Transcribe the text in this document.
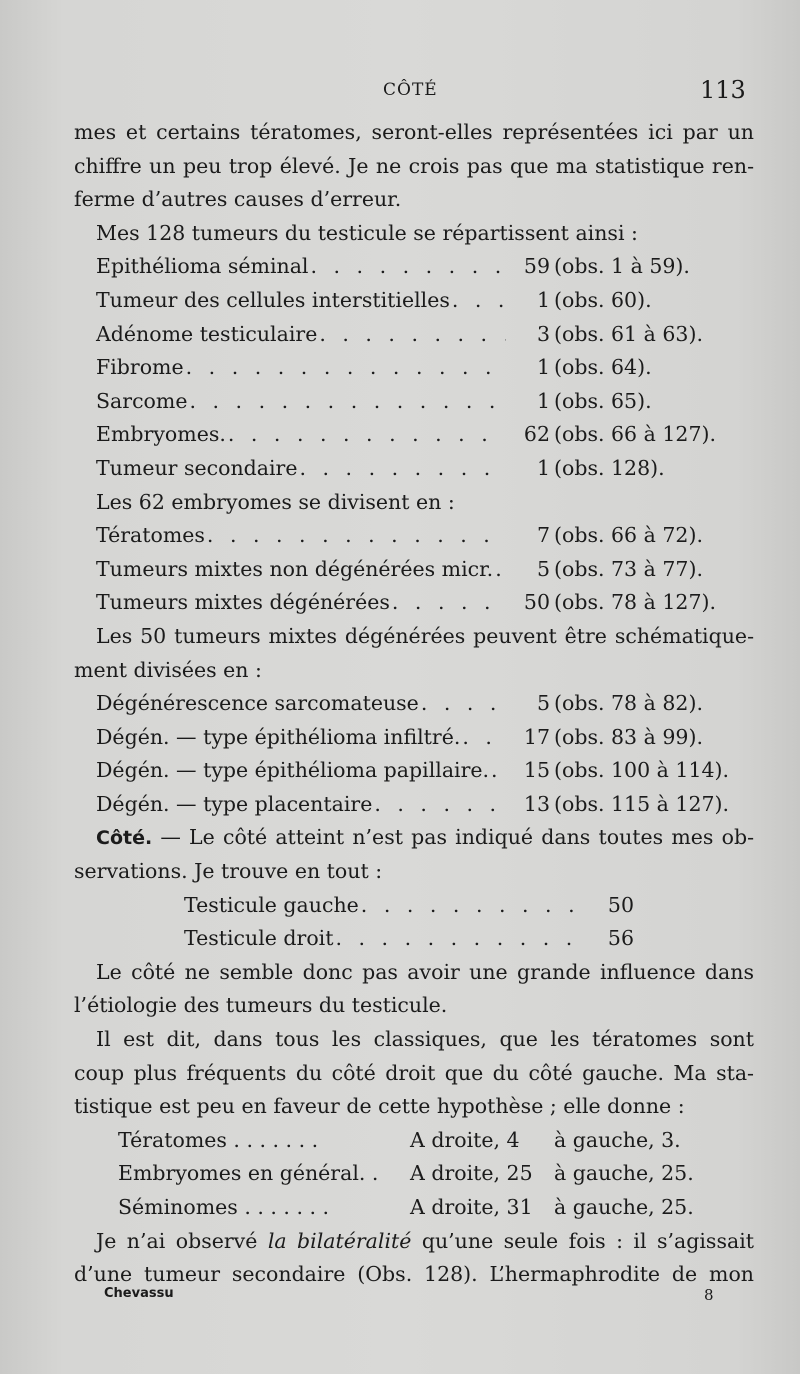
CÔTÉ	113
mes et certains tératomes, seront-elles représentées ici par un
chiffre un peu trop élevé. Je ne crois pas que ma statistique ren-
ferme d’autres causes d’erreur.
Mes 128 tumeurs du testicule se répartissent ainsi :
Epithélioma séminal . . .	59 (obs. 1 à 59).
Tumeur des cellules interstitielles . . .	1 (obs. 60).
Adénome testiculaire . . .	3 (obs. 61 à 63).
Fibrome . . .	1 (obs. 64).
Sarcome . . .	1 (obs. 65).
Embryomes. . . .	62 (obs. 66 à 127).
Tumeur secondaire . . .	1 (obs. 128).
Les 62 embryomes se divisent en :
Tératomes . . .	7 (obs. 66 à 72).
Tumeurs mixtes non dégénérées micr. . . .	5 (obs. 73 à 77).
Tumeurs mixtes dégénérées . . .	50 (obs. 78 à 127).
Les 50 tumeurs mixtes dégénérées peuvent être schématique-
ment divisées en :
Dégénérescence sarcomateuse . . .	5 (obs. 78 à 82).
Dégén. — type épithélioma infiltré. . . .	17 (obs. 83 à 99).
Dégén. — type épithélioma papillaire. . . .	15 (obs. 100 à 114).
Dégén. — type placentaire . . .	13 (obs. 115 à 127).
Côté. — Le côté atteint n’est pas indiqué dans toutes mes ob-
servations. Je trouve en tout :
Testicule gauche . . .	50
Testicule droit . . .	56
Le côté ne semble donc pas avoir une grande influence dans
l’étiologie des tumeurs du testicule.
Il est dit, dans tous les classiques, que les tératomes sont
coup plus fréquents du côté droit que du côté gauche. Ma sta-
tistique est peu en faveur de cette hypothèse ; elle donne :
Tératomes . . . . . . .	A droite, 4 à gauche, 3.
Embryomes en général. . A droite, 25 à gauche, 25.
Séminomes . . . . . . .	A droite, 31 à gauche, 25.
Je n’ai observé la bilatéralité qu’une seule fois : il s’agissait
d’une tumeur secondaire (Obs. 128). L’hermaphrodite de mon
Chevassu	8
